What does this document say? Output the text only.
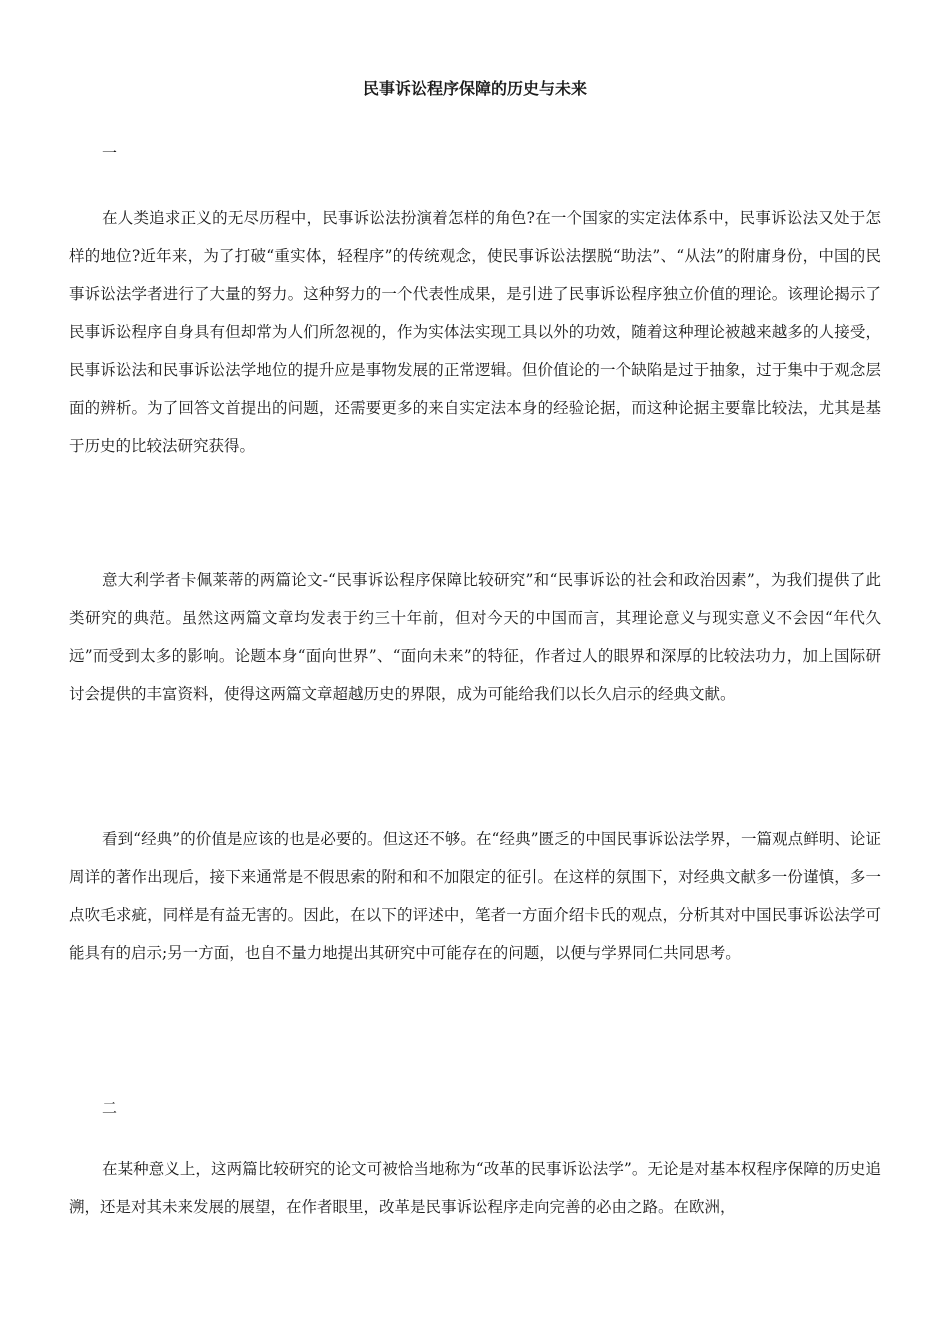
民事诉讼程序保障的历史与未来

一

在人类追求正义的无尽历程中，民事诉讼法扮演着怎样的角色?在一个国家的实定法体系中，民事诉讼法又处于怎样的地位?近年来，为了打破“重实体，轻程序”的传统观念，使民事诉讼法摆脱“助法”、“从法”的附庸身份，中国的民事诉讼法学者进行了大量的努力。这种努力的一个代表性成果，是引进了民事诉讼程序独立价值的理论。该理论揭示了民事诉讼程序自身具有但却常为人们所忽视的，作为实体法实现工具以外的功效，随着这种理论被越来越多的人接受，民事诉讼法和民事诉讼法学地位的提升应是事物发展的正常逻辑。但价值论的一个缺陷是过于抽象，过于集中于观念层面的辨析。为了回答文首提出的问题，还需要更多的来自实定法本身的经验论据，而这种论据主要靠比较法，尤其是基于历史的比较法研究获得。

意大利学者卡佩莱蒂的两篇论文-“民事诉讼程序保障比较研究”和“民事诉讼的社会和政治因素”，为我们提供了此类研究的典范。虽然这两篇文章均发表于约三十年前，但对今天的中国而言，其理论意义与现实意义不会因“年代久远”而受到太多的影响。论题本身“面向世界”、“面向未来”的特征，作者过人的眼界和深厚的比较法功力，加上国际研讨会提供的丰富资料，使得这两篇文章超越历史的界限，成为可能给我们以长久启示的经典文献。

看到“经典”的价值是应该的也是必要的。但这还不够。在“经典”匮乏的中国民事诉讼法学界，一篇观点鲜明、论证周详的著作出现后，接下来通常是不假思索的附和和不加限定的征引。在这样的氛围下，对经典文献多一份谨慎，多一点吹毛求疵，同样是有益无害的。因此，在以下的评述中，笔者一方面介绍卡氏的观点，分析其对中国民事诉讼法学可能具有的启示;另一方面，也自不量力地提出其研究中可能存在的问题，以便与学界同仁共同思考。

二

在某种意义上，这两篇比较研究的论文可被恰当地称为“改革的民事诉讼法学”。无论是对基本权程序保障的历史追溯，还是对其未来发展的展望，在作者眼里，改革是民事诉讼程序走向完善的必由之路。在欧洲，
